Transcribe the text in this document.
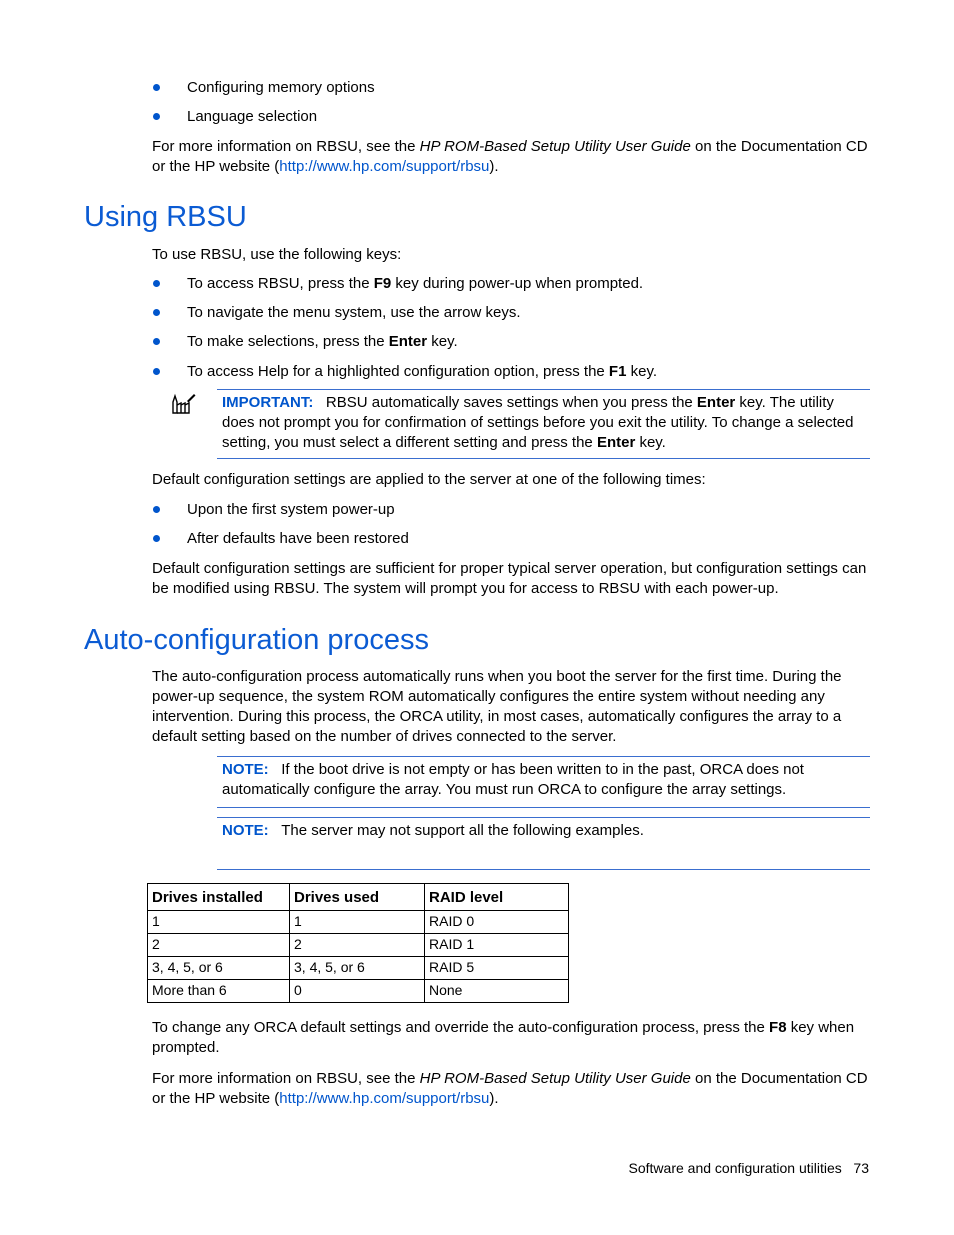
Configuring memory options
Language selection
For more information on RBSU, see the HP ROM-Based Setup Utility User Guide on the Documentation CD or the HP website (http://www.hp.com/support/rbsu).
Using RBSU
To use RBSU, use the following keys:
To access RBSU, press the F9 key during power-up when prompted.
To navigate the menu system, use the arrow keys.
To make selections, press the Enter key.
To access Help for a highlighted configuration option, press the F1 key.
IMPORTANT: RBSU automatically saves settings when you press the Enter key. The utility does not prompt you for confirmation of settings before you exit the utility. To change a selected setting, you must select a different setting and press the Enter key.
Default configuration settings are applied to the server at one of the following times:
Upon the first system power-up
After defaults have been restored
Default configuration settings are sufficient for proper typical server operation, but configuration settings can be modified using RBSU. The system will prompt you for access to RBSU with each power-up.
Auto-configuration process
The auto-configuration process automatically runs when you boot the server for the first time. During the power-up sequence, the system ROM automatically configures the entire system without needing any intervention. During this process, the ORCA utility, in most cases, automatically configures the array to a default setting based on the number of drives connected to the server.
NOTE: If the boot drive is not empty or has been written to in the past, ORCA does not automatically configure the array. You must run ORCA to configure the array settings.
NOTE: The server may not support all the following examples.
Drives installed	Drives used	RAID level
1	1	RAID 0
2	2	RAID 1
3, 4, 5, or 6	3, 4, 5, or 6	RAID 5
More than 6	0	None
To change any ORCA default settings and override the auto-configuration process, press the F8 key when prompted.
For more information on RBSU, see the HP ROM-Based Setup Utility User Guide on the Documentation CD or the HP website (http://www.hp.com/support/rbsu).
Software and configuration utilities 73
